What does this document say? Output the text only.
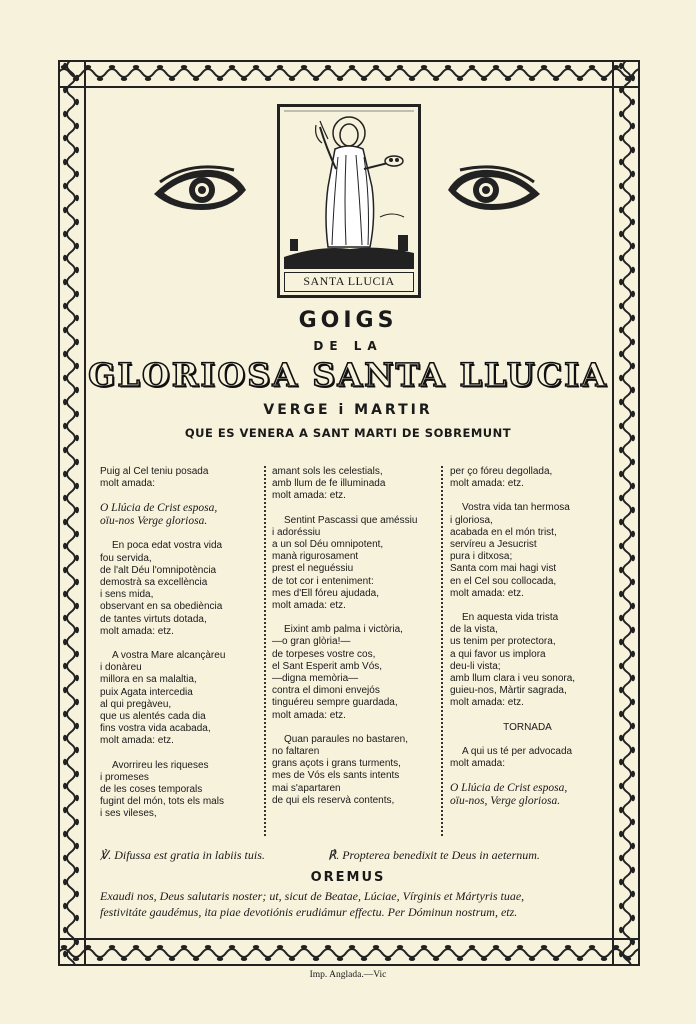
SANTA LLUCIA
GOIGS
DE LA
GLORIOSA SANTA LLUCIA
VERGE i MARTIR
QUE ES VENERA A SANT MARTI DE SOBREMUNT

Puig al Cel teniu posada

molt amada:

O Llúcia de Crist esposa,

oïu-nos Verge gloriosa.

En poca edat vostra vida

fou servida,

de l'alt Déu l'omnipotència

demostrà sa excellència

i sens mida,

observant en sa obediència

de tantes virtuts dotada,

molt amada: etz.

A vostra Mare alcançàreu

i donàreu

millora en sa malaltia,

puix Agata intercedia

al qui pregàveu,

que us alentés cada dia

fins vostra vida acabada,

molt amada: etz.

Avorrireu les riqueses

i promeses

de les coses temporals

fugint del món, tots els mals

i ses vileses,

amant sols les celestials,

amb llum de fe illuminada

molt amada: etz.

Sentint Pascassi que améssiu

i adoréssiu

a un sol Déu omnipotent,

manà rigurosament

prest el neguéssiu

de tot cor i enteniment:

mes d'Ell fóreu ajudada,

molt amada: etz.

Eixint amb palma i victòria,

—o gran glòria!—

de torpeses vostre cos,

el Sant Esperit amb Vós,

—digna memòria—

contra el dimoni envejós

tinguéreu sempre guardada,

molt amada: etz.

Quan paraules no bastaren,

no faltaren

grans açots i grans turments,

mes de Vós els sants intents

mai s'apartaren

de qui els reservà contents,

per ço fóreu degollada,

molt amada: etz.

Vostra vida tan hermosa

i gloriosa,

acabada en el món trist,

servíreu a Jesucrist

pura i ditxosa;

Santa com mai hagi vist

en el Cel sou collocada,

molt amada: etz.

En aquesta vida trista

de la vista,

us tenim per protectora,

a qui favor us implora

deu-li vista;

amb llum clara i veu sonora,

guieu-nos, Màrtir sagrada,

molt amada: etz.

TORNADA

A qui us té per advocada

molt amada:

O Llúcia de Crist esposa,

oïu-nos, Verge gloriosa.

℣. Difussa est gratia in labiis tuis.	℟. Propterea benedixit te Deus in aeternum.
OREMUS

Exaudi nos, Deus salutaris noster; ut, sicut de Beatae, Lúciae, Vírginis et Mártyris tuae,

festivitáte gaudémus, ita piae devotiónis erudiámur effectu. Per Dóminun nostrum, etz.

Imp. Anglada.—Vic
